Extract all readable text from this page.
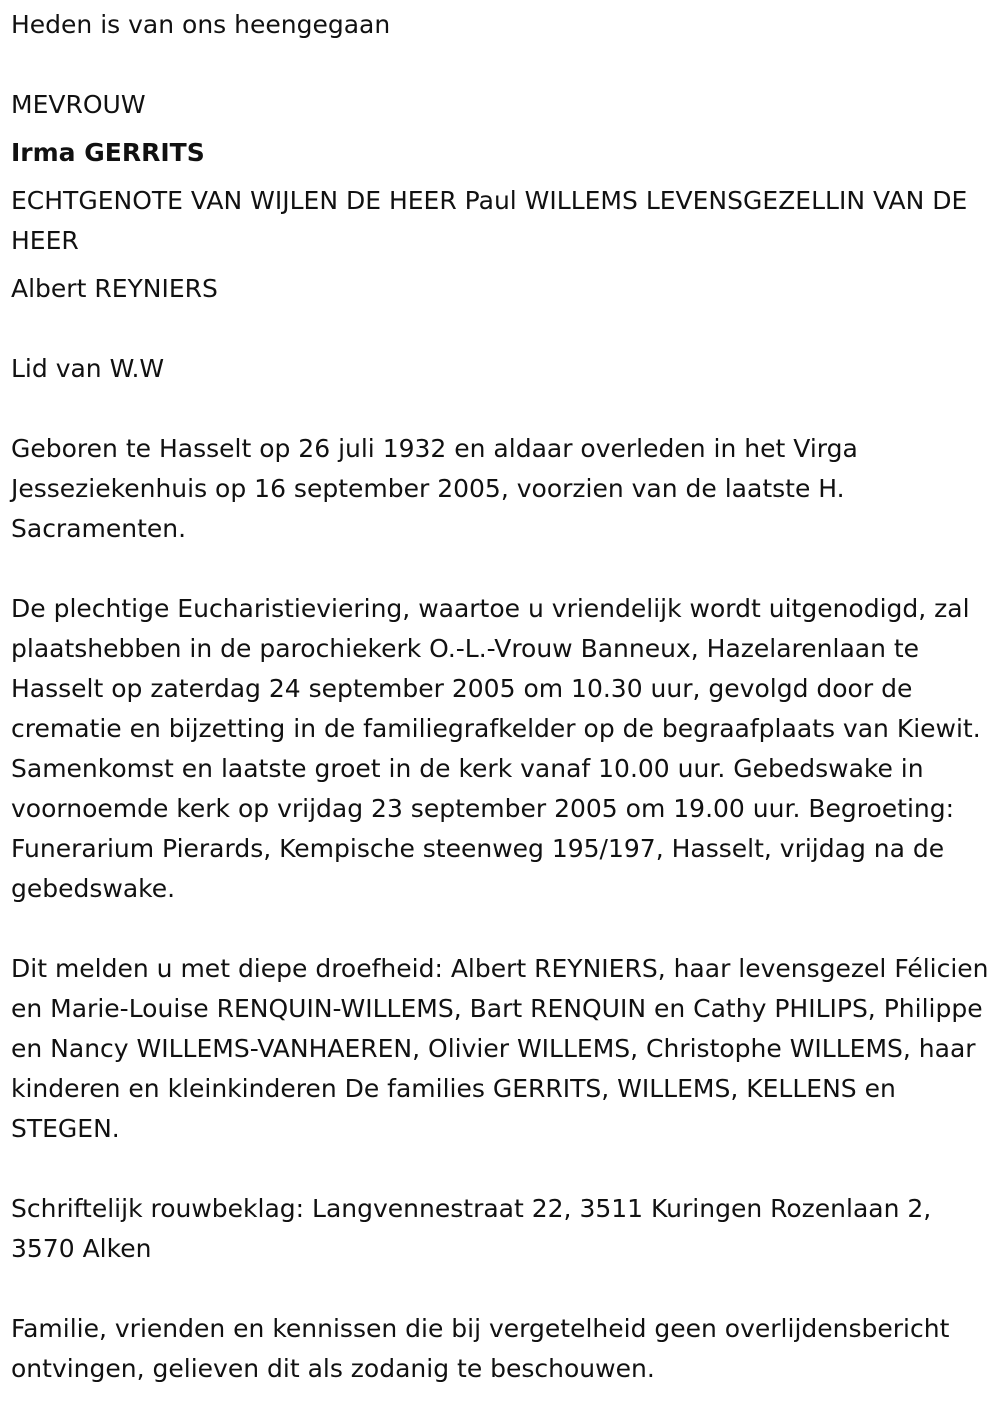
Heden is van ons heengegaan

MEVROUW

Irma GERRITS

ECHTGENOTE VAN WIJLEN DE HEER Paul WILLEMS LEVENSGEZELLIN VAN DE HEER

Albert REYNIERS

Lid van W.W

Geboren te Hasselt op 26 juli 1932 en aldaar overleden in het Virga Jesseziekenhuis op 16 september 2005, voorzien van de laatste H. Sacramenten.

De plechtige Eucharistieviering, waartoe u vriendelijk wordt uitgenodigd, zal plaatshebben in de parochiekerk O.-L.-Vrouw Banneux, Hazelarenlaan te Hasselt op zaterdag 24 september 2005 om 10.30 uur, gevolgd door de crematie en bijzetting in de familiegrafkelder op de begraafplaats van Kiewit. Samenkomst en laatste groet in de kerk vanaf 10.00 uur. Gebedswake in voornoemde kerk op vrijdag 23 september 2005 om 19.00 uur. Begroeting: Funerarium Pierards, Kempische steenweg 195/197, Hasselt, vrijdag na de gebedswake.

Dit melden u met diepe droefheid: Albert REYNIERS, haar levensgezel Félicien en Marie-Louise RENQUIN-WILLEMS, Bart RENQUIN en Cathy PHILIPS, Philippe en Nancy WILLEMS-VANHAEREN, Olivier WILLEMS, Christophe WILLEMS, haar kinderen en kleinkinderen De families GERRITS, WILLEMS, KELLENS en STEGEN.

Schriftelijk rouwbeklag: Langvennestraat 22, 3511 Kuringen Rozenlaan 2, 3570 Alken

Familie, vrienden en kennissen die bij vergetelheid geen overlijdensbericht ontvingen, gelieven dit als zodanig te beschouwen.
